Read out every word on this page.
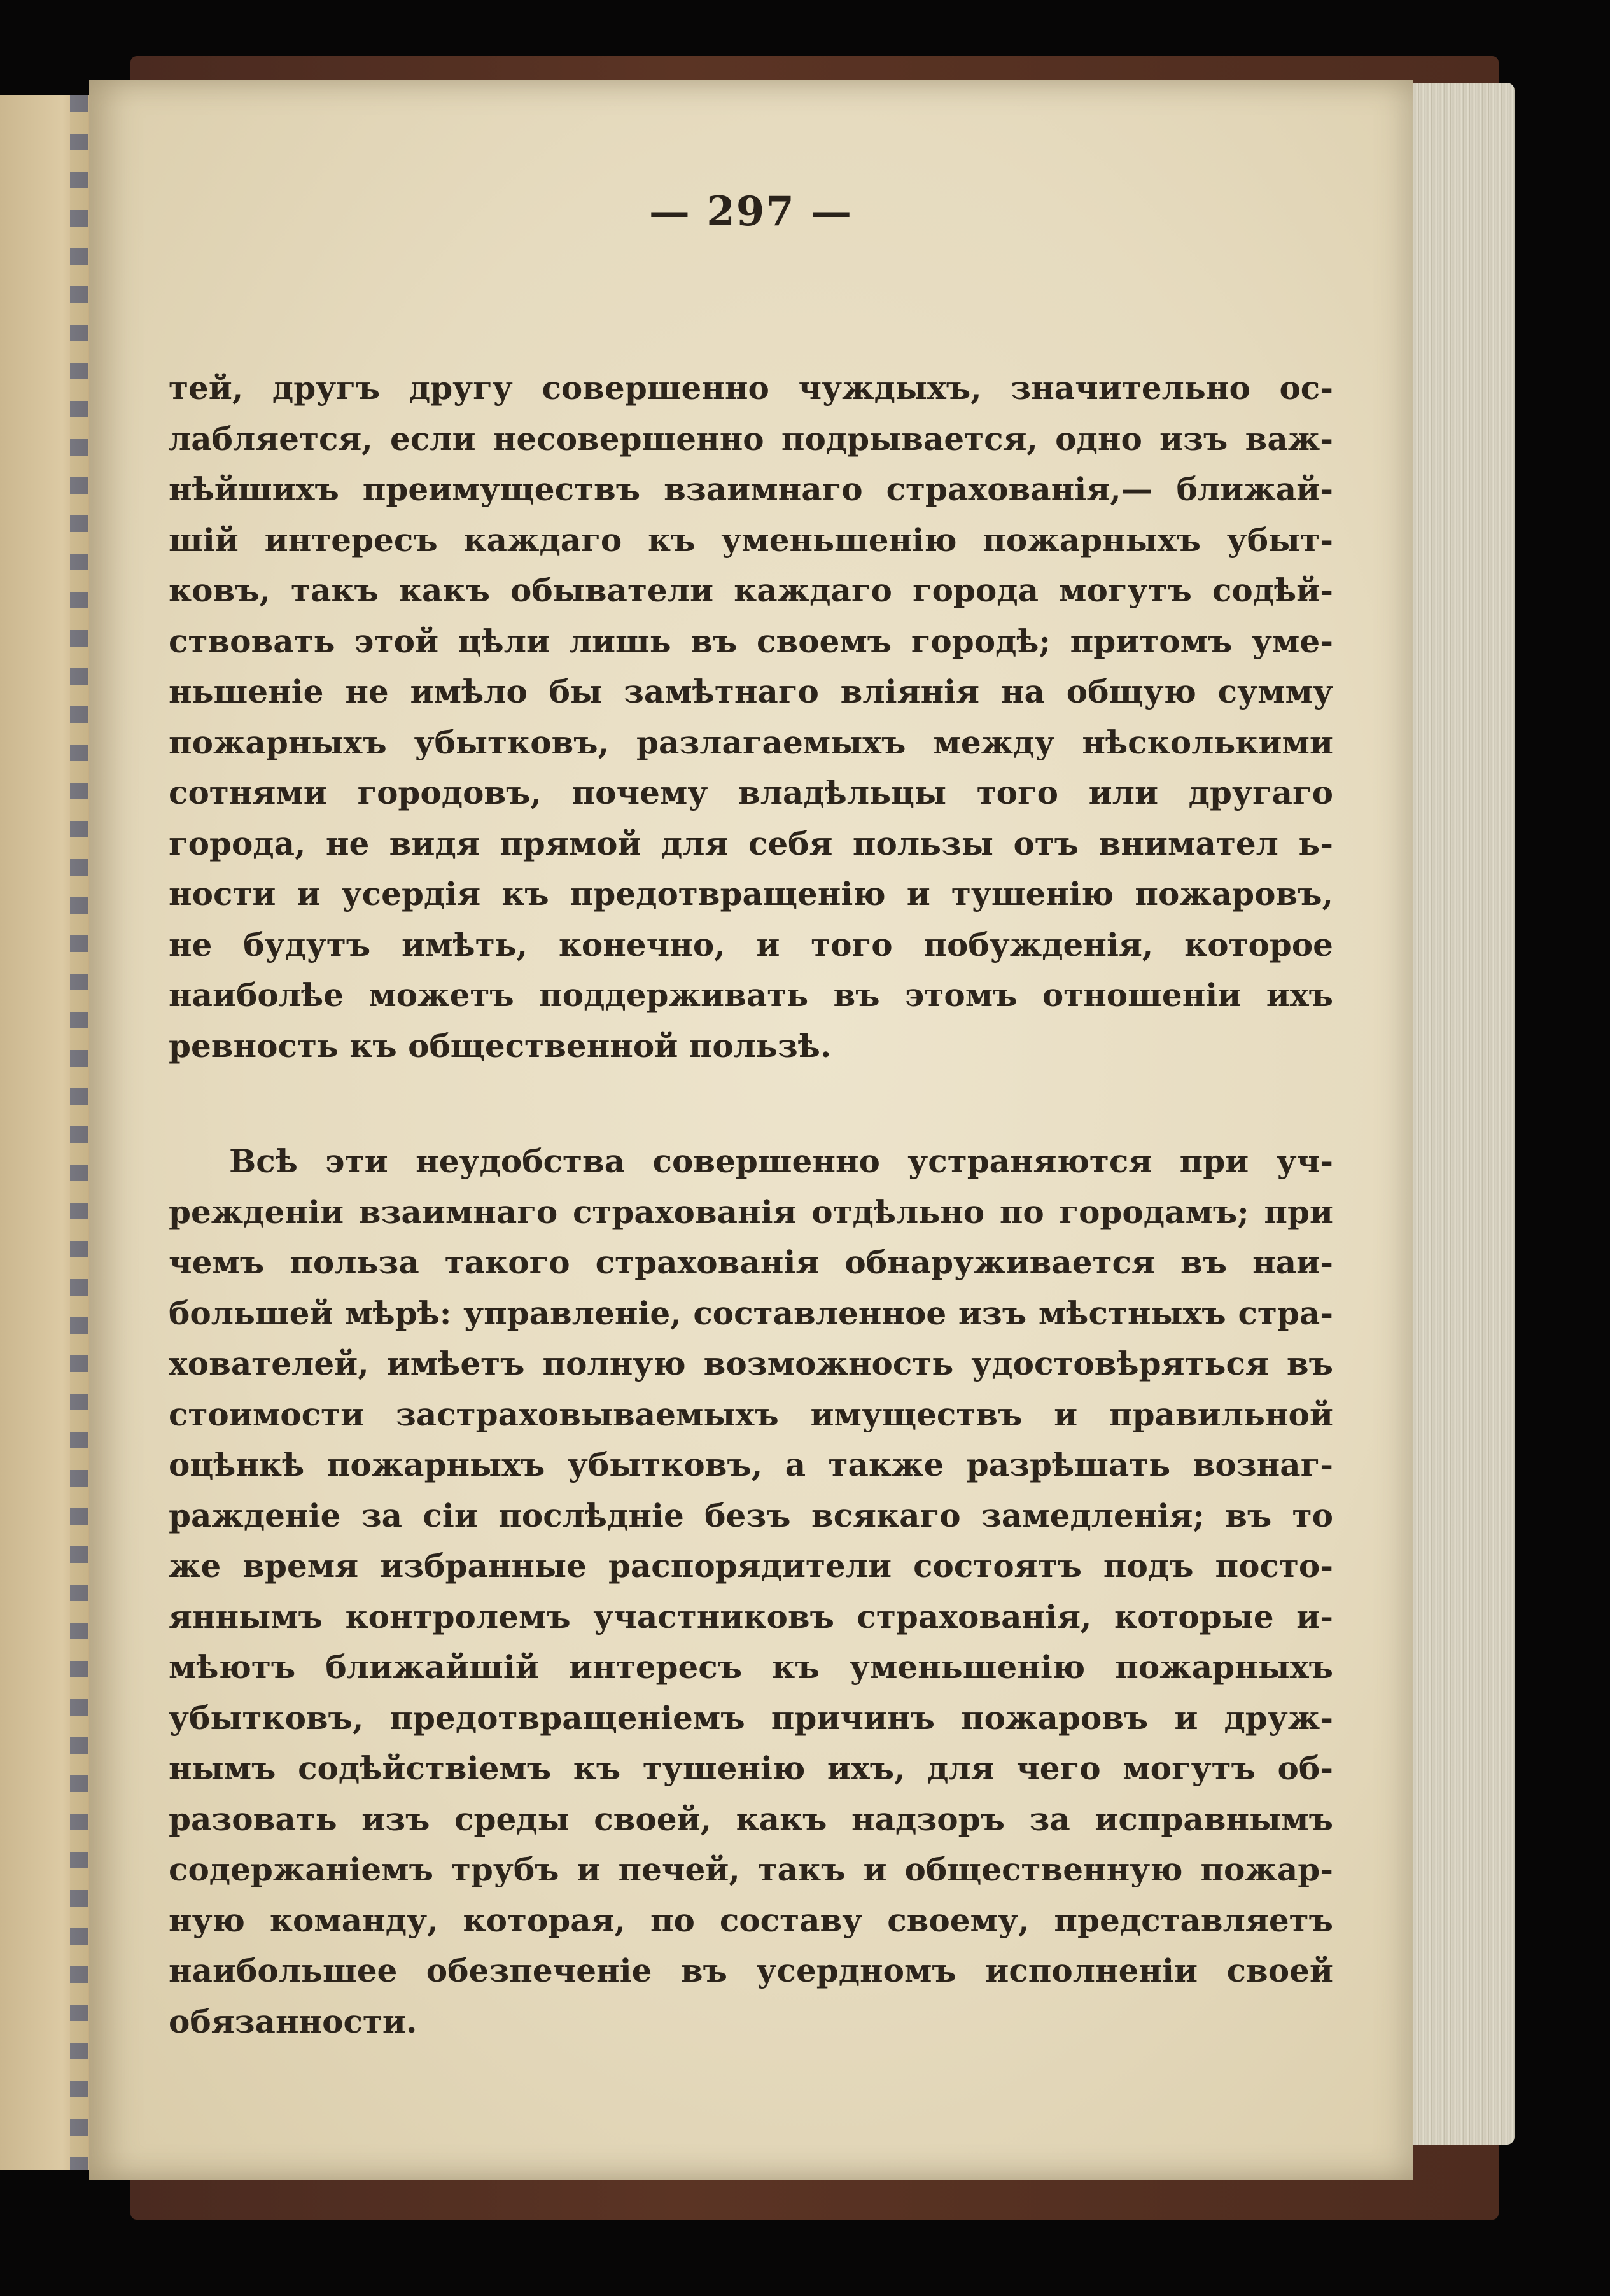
— 297 —
тей, другъ другу совершенно чуждыхъ, значительно ос-
лабляется, если несовершенно подрывается, одно изъ важ-
нѣйшихъ преимуществъ взаимнаго страхованія,— ближай-
шій интересъ каждаго къ уменьшенію пожарныхъ убыт-
ковъ, такъ какъ обыватели каждаго города могутъ содѣй-
ствовать этой цѣли лишь въ своемъ городѣ; притомъ уме-
ньшеніе не имѣло бы замѣтнаго вліянія на общую сумму
пожарныхъ убытковъ, разлагаемыхъ между нѣсколькими
сотнями городовъ, почему владѣльцы того или другаго
города, не видя прямой для себя пользы отъ внимател ь-
ности и усердія къ предотвращенію и тушенію пожаровъ,
не будутъ имѣть, конечно, и того побужденія, которое
наиболѣе можетъ поддерживать въ этомъ отношеніи ихъ
ревность къ общественной пользѣ.
Всѣ эти неудобства совершенно устраняются при уч-
режденіи взаимнаго страхованія отдѣльно по городамъ; при
чемъ польза такого страхованія обнаруживается въ наи-
большей мѣрѣ: управленіе, составленное изъ мѣстныхъ стра-
хователей, имѣетъ полную возможность удостовѣряться въ
стоимости застраховываемыхъ имуществъ и правильной
оцѣнкѣ пожарныхъ убытковъ, а также разрѣшать вознаг-
ражденіе за сіи послѣдніе безъ всякаго замедленія; въ то
же время избранные распорядители состоятъ подъ посто-
яннымъ контролемъ участниковъ страхованія, которые и-
мѣютъ ближайшій интересъ къ уменьшенію пожарныхъ
убытковъ, предотвращеніемъ причинъ пожаровъ и друж-
нымъ содѣйствіемъ къ тушенію ихъ, для чего могутъ об-
разовать изъ среды своей, какъ надзоръ за исправнымъ
содержаніемъ трубъ и печей, такъ и общественную пожар-
ную команду, которая, по составу своему, представляетъ
наибольшее обезпеченіе въ усердномъ исполненіи своей
обязанности.
